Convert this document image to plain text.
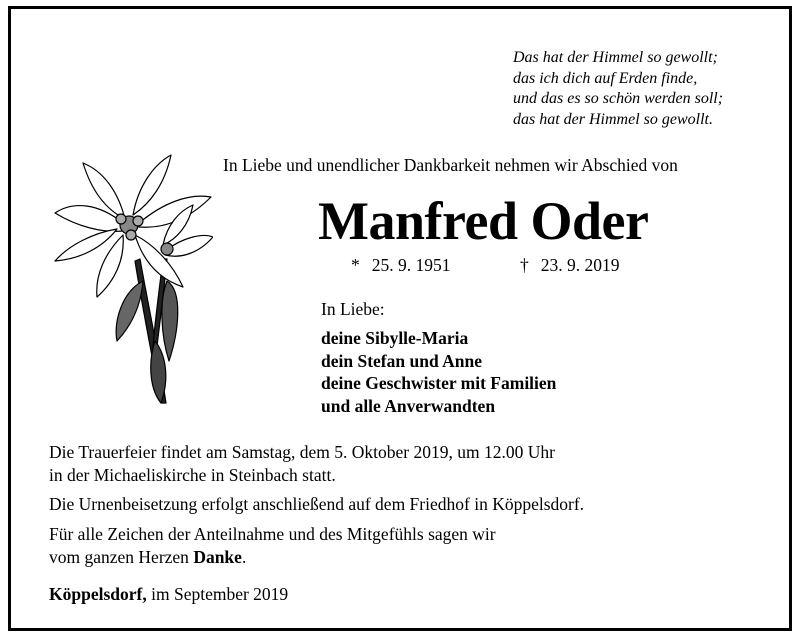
Das hat der Himmel so gewollt;
das ich dich auf Erden finde,
und das es so schön werden soll;
das hat der Himmel so gewollt.
In Liebe und unendlicher Dankbarkeit nehmen wir Abschied von
Manfred Oder
* 25. 9. 1951	† 23. 9. 2019
In Liebe:
deine Sibylle-Maria
dein Stefan und Anne
deine Geschwister mit Familien
und alle Anverwandten
Die Trauerfeier findet am Samstag, dem 5. Oktober 2019, um 12.00 Uhr
in der Michaeliskirche in Steinbach statt.
Die Urnenbeisetzung erfolgt anschließend auf dem Friedhof in Köppelsdorf.
Für alle Zeichen der Anteilnahme und des Mitgefühls sagen wir
vom ganzen Herzen Danke.
Köppelsdorf, im September 2019
